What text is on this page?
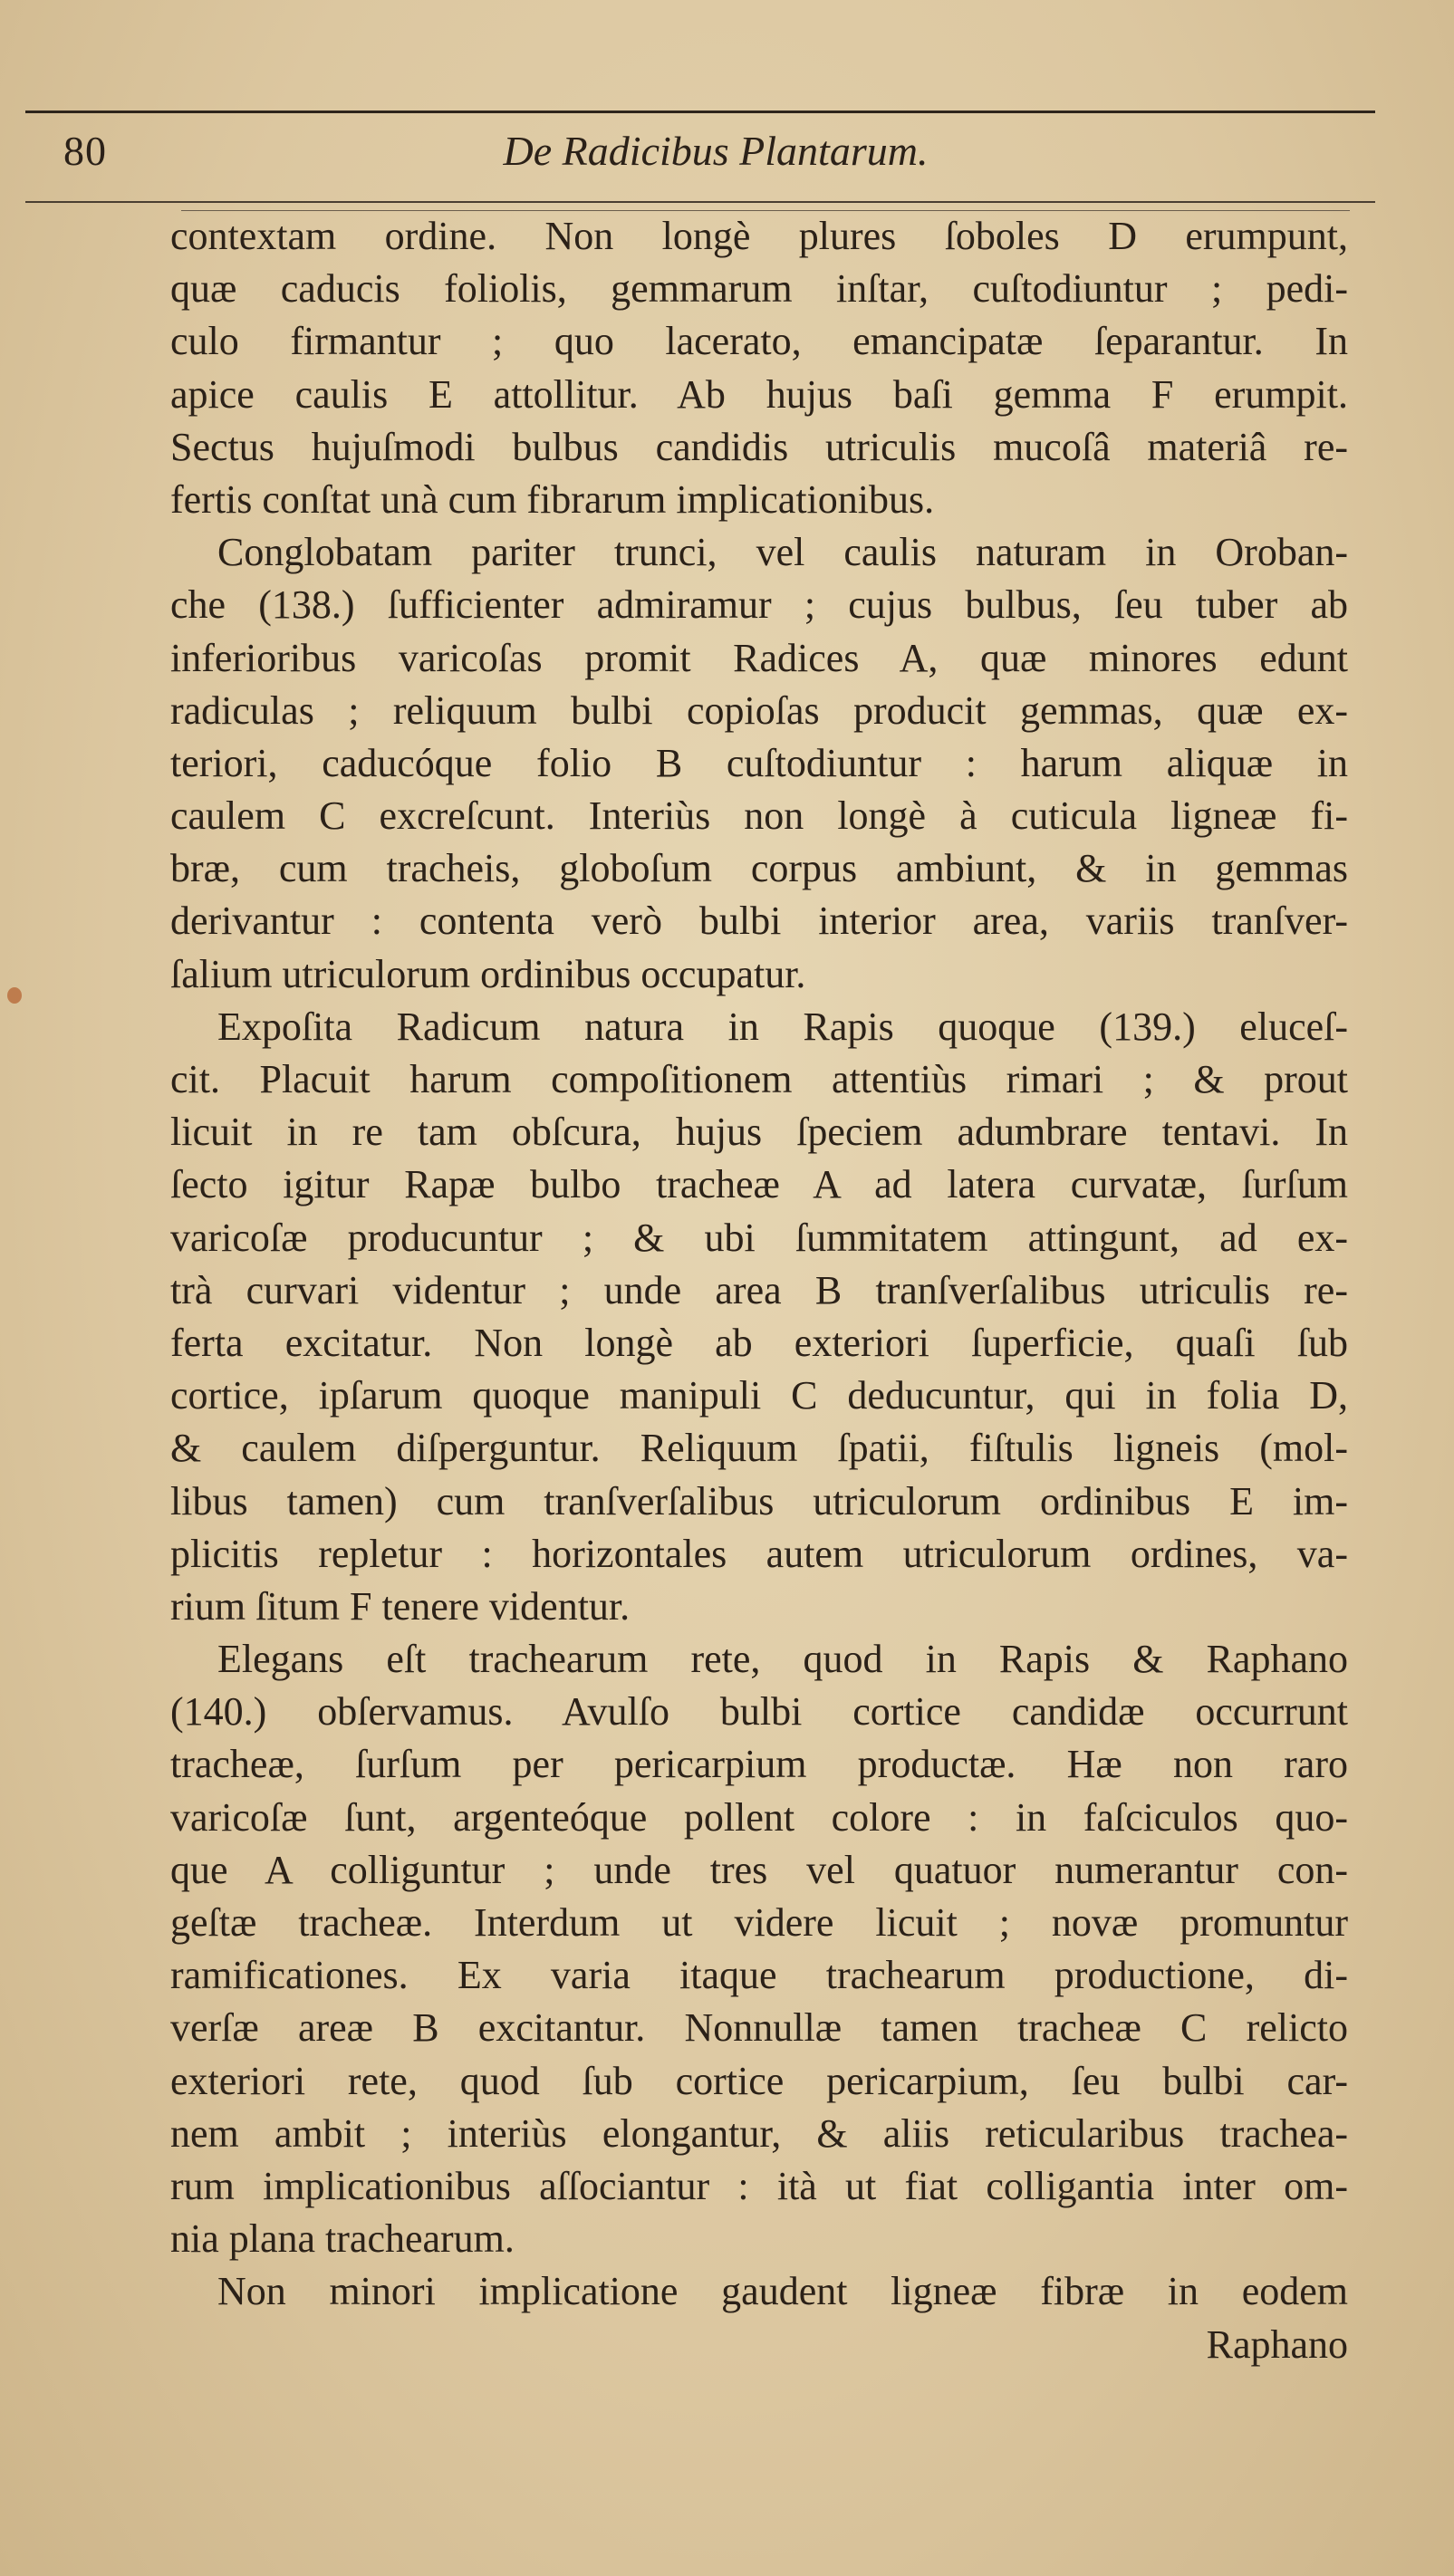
80	De Radicibus Plantarum.
contextam ordine. Non longè plures ſoboles D erumpunt,
quæ caducis foliolis, gemmarum inſtar, cuſtodiuntur ; pedi-
culo firmantur ; quo lacerato, emancipatæ ſeparantur. In
apice caulis E attollitur. Ab hujus baſi gemma F erumpit.
Sectus hujuſmodi bulbus candidis utriculis mucoſâ materiâ re-
fertis conſtat unà cum fibrarum implicationibus.
Conglobatam pariter trunci, vel caulis naturam in Oroban-
che (138.) ſufficienter admiramur ; cujus bulbus, ſeu tuber ab
inferioribus varicoſas promit Radices A, quæ minores edunt
radiculas ; reliquum bulbi copioſas producit gemmas, quæ ex-
teriori, caducóque folio B cuſtodiuntur : harum aliquæ in
caulem C excreſcunt. Interiùs non longè à cuticula ligneæ fi-
bræ, cum tracheis, globoſum corpus ambiunt, & in gemmas
derivantur : contenta verò bulbi interior area, variis tranſver-
ſalium utriculorum ordinibus occupatur.
Expoſita Radicum natura in Rapis quoque (139.) eluceſ-
cit. Placuit harum compoſitionem attentiùs rimari ; & prout
licuit in re tam obſcura, hujus ſpeciem adumbrare tentavi. In
ſecto igitur Rapæ bulbo tracheæ A ad latera curvatæ, ſurſum
varicoſæ producuntur ; & ubi ſummitatem attingunt, ad ex-
trà curvari videntur ; unde area B tranſverſalibus utriculis re-
ferta excitatur. Non longè ab exteriori ſuperficie, quaſi ſub
cortice, ipſarum quoque manipuli C deducuntur, qui in folia D,
& caulem diſperguntur. Reliquum ſpatii, fiſtulis ligneis (mol-
libus tamen) cum tranſverſalibus utriculorum ordinibus E im-
plicitis repletur : horizontales autem utriculorum ordines, va-
rium ſitum F tenere videntur.
Elegans eſt trachearum rete, quod in Rapis & Raphano
(140.) obſervamus. Avulſo bulbi cortice candidæ occurrunt
tracheæ, ſurſum per pericarpium productæ. Hæ non raro
varicoſæ ſunt, argenteóque pollent colore : in faſciculos quo-
que A colliguntur ; unde tres vel quatuor numerantur con-
geſtæ tracheæ. Interdum ut videre licuit ; novæ promuntur
ramificationes. Ex varia itaque trachearum productione, di-
verſæ areæ B excitantur. Nonnullæ tamen tracheæ C relicto
exteriori rete, quod ſub cortice pericarpium, ſeu bulbi car-
nem ambit ; interiùs elongantur, & aliis reticularibus trachea-
rum implicationibus aſſociantur : ità ut fiat colligantia inter om-
nia plana trachearum.
Non minori implicatione gaudent ligneæ fibræ in eodem
Raphano
